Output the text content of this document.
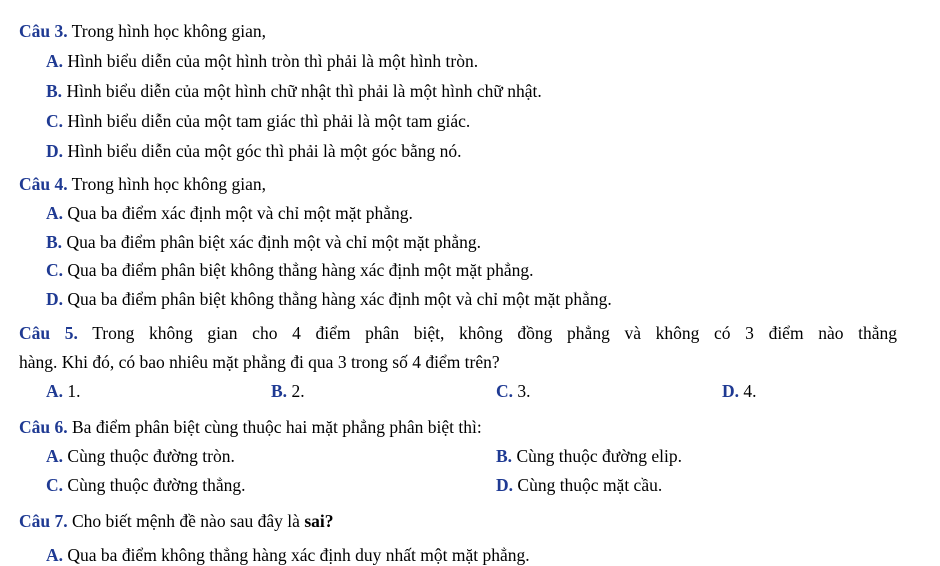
Câu 3. Trong hình học không gian,
A. Hình biểu diễn của một hình tròn thì phải là một hình tròn.
B. Hình biểu diễn của một hình chữ nhật thì phải là một hình chữ nhật.
C. Hình biểu diễn của một tam giác thì phải là một tam giác.
D. Hình biểu diễn của một góc thì phải là một góc bằng nó.
Câu 4. Trong hình học không gian,
A. Qua ba điểm xác định một và chỉ một mặt phẳng.
B. Qua ba điểm phân biệt xác định một và chỉ một mặt phẳng.
C. Qua ba điểm phân biệt không thẳng hàng xác định một mặt phẳng.
D. Qua ba điểm phân biệt không thẳng hàng xác định một và chỉ một mặt phẳng.
Câu 5. Trong không gian cho 4 điểm phân biệt, không đồng phẳng và không có 3 điểm nào thẳng
hàng. Khi đó, có bao nhiêu mặt phẳng đi qua 3 trong số 4 điểm trên?
A. 1.	B. 2.	C. 3.	D. 4.
Câu 6. Ba điểm phân biệt cùng thuộc hai mặt phẳng phân biệt thì:
A. Cùng thuộc đường tròn.	B. Cùng thuộc đường elip.
C. Cùng thuộc đường thẳng.	D. Cùng thuộc mặt cầu.
Câu 7. Cho biết mệnh đề nào sau đây là sai?
A. Qua ba điểm không thẳng hàng xác định duy nhất một mặt phẳng.
